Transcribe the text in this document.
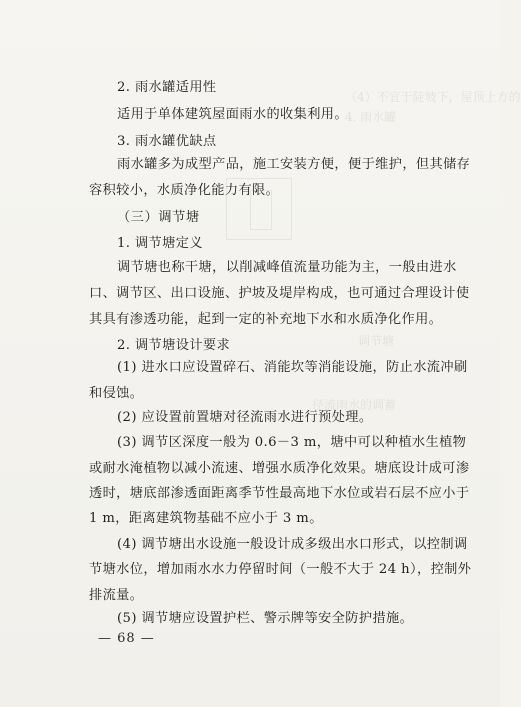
（4）不宜于陡坡下，屋顶上方的
4. 雨水罐
调节塘
径流雨水的调蓄
2. 雨水罐适用性
适用于单体建筑屋面雨水的收集利用。
3. 雨水罐优缺点
雨水罐多为成型产品，施工安装方便，便于维护，但其储存
容积较小，水质净化能力有限。
（三）调节塘
1. 调节塘定义
调节塘也称干塘，以削减峰值流量功能为主，一般由进水
口、调节区、出口设施、护坡及堤岸构成，也可通过合理设计使
其具有渗透功能，起到一定的补充地下水和水质净化作用。
2. 调节塘设计要求
(1) 进水口应设置碎石、消能坎等消能设施，防止水流冲刷
和侵蚀。
(2) 应设置前置塘对径流雨水进行预处理。
(3) 调节区深度一般为 0.6－3 m，塘中可以种植水生植物
或耐水淹植物以减小流速、增强水质净化效果。塘底设计成可渗
透时，塘底部渗透面距离季节性最高地下水位或岩石层不应小于
1 m，距离建筑物基础不应小于 3 m。
(4) 调节塘出水设施一般设计成多级出水口形式，以控制调
节塘水位，增加雨水水力停留时间（一般不大于 24 h），控制外
排流量。
(5) 调节塘应设置护栏、警示牌等安全防护措施。
— 68 —
